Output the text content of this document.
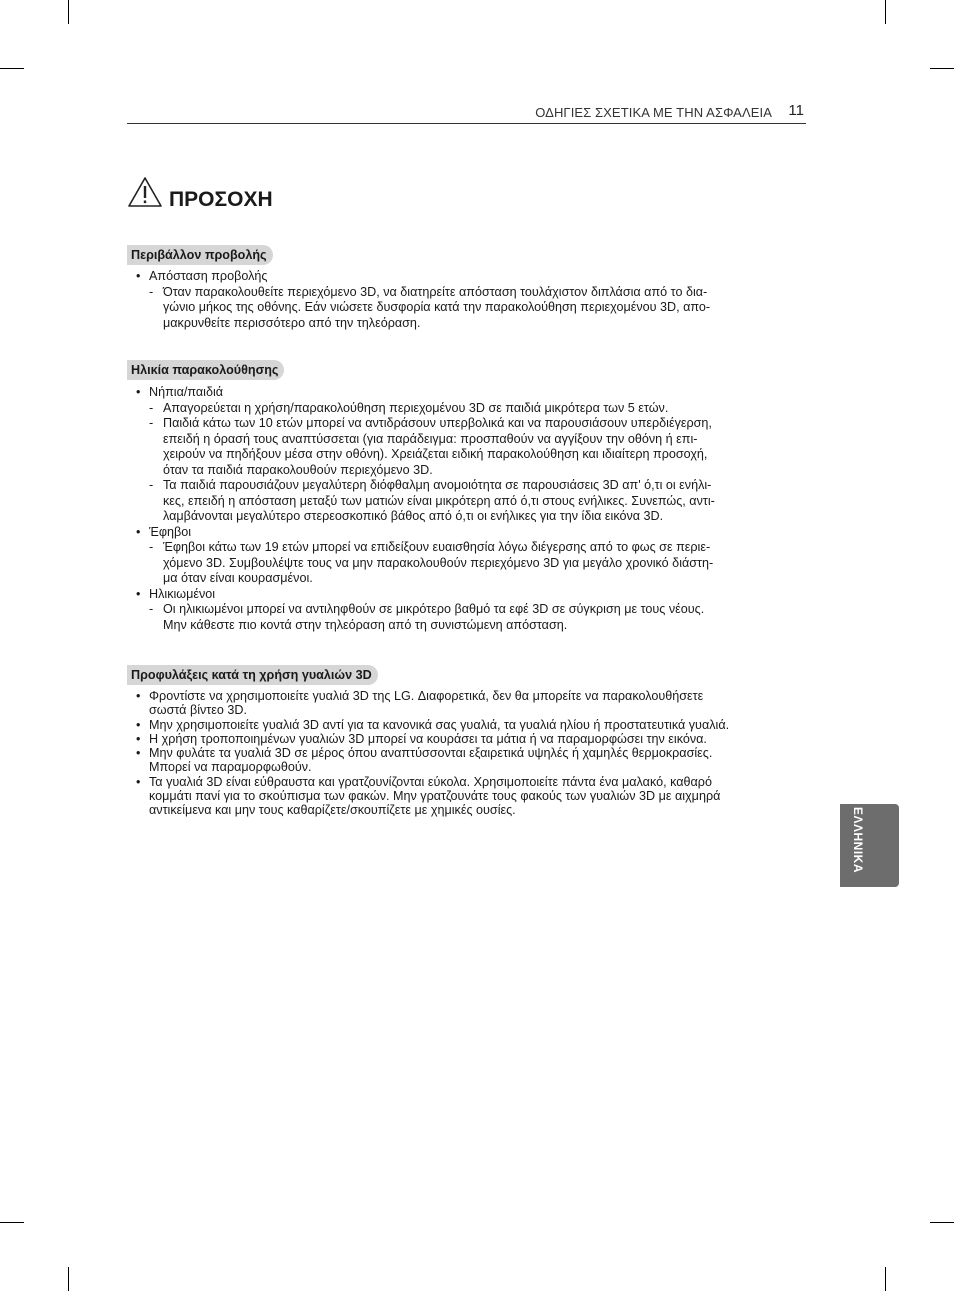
ΟΔΗΓΙΕΣ ΣΧΕΤΙΚΑ ΜΕ ΤΗΝ ΑΣΦΑΛΕΙΑ 11
ΠΡΟΣΟΧΗ
Περιβάλλον προβολής
• Απόσταση προβολής
- Όταν παρακολουθείτε περιεχόμενο 3D, να διατηρείτε απόσταση τουλάχιστον διπλάσια από το δια-
γώνιο μήκος της οθόνης. Εάν νιώσετε δυσφορία κατά την παρακολούθηση περιεχομένου 3D, απο-
μακρυνθείτε περισσότερο από την τηλεόραση.
Ηλικία παρακολούθησης
• Νήπια/παιδιά
- Απαγορεύεται η χρήση/παρακολούθηση περιεχομένου 3D σε παιδιά μικρότερα των 5 ετών.
- Παιδιά κάτω των 10 ετών μπορεί να αντιδράσουν υπερβολικά και να παρουσιάσουν υπερδιέγερση,
επειδή η όρασή τους αναπτύσσεται (για παράδειγμα: προσπαθούν να αγγίξουν την οθόνη ή επι-
χειρούν να πηδήξουν μέσα στην οθόνη). Χρειάζεται ειδική παρακολούθηση και ιδιαίτερη προσοχή,
όταν τα παιδιά παρακολουθούν περιεχόμενο 3D.
- Τα παιδιά παρουσιάζουν μεγαλύτερη διόφθαλμη ανομοιότητα σε παρουσιάσεις 3D απ' ό,τι οι ενήλι-
κες, επειδή η απόσταση μεταξύ των ματιών είναι μικρότερη από ό,τι στους ενήλικες. Συνεπώς, αντι-
λαμβάνονται μεγαλύτερο στερεοσκοπικό βάθος από ό,τι οι ενήλικες για την ίδια εικόνα 3D.
• Έφηβοι
- Έφηβοι κάτω των 19 ετών μπορεί να επιδείξουν ευαισθησία λόγω διέγερσης από το φως σε περιε-
χόμενο 3D. Συμβουλέψτε τους να μην παρακολουθούν περιεχόμενο 3D για μεγάλο χρονικό διάστη-
μα όταν είναι κουρασμένοι.
• Ηλικιωμένοι
- Οι ηλικιωμένοι μπορεί να αντιληφθούν σε μικρότερο βαθμό τα εφέ 3D σε σύγκριση με τους νέους.
Μην κάθεστε πιο κοντά στην τηλεόραση από τη συνιστώμενη απόσταση.
Προφυλάξεις κατά τη χρήση γυαλιών 3D
• Φροντίστε να χρησιμοποιείτε γυαλιά 3D της LG. Διαφορετικά, δεν θα μπορείτε να παρακολουθήσετε
σωστά βίντεο 3D.
• Μην χρησιμοποιείτε γυαλιά 3D αντί για τα κανονικά σας γυαλιά, τα γυαλιά ηλίου ή προστατευτικά γυαλιά.
• Η χρήση τροποποιημένων γυαλιών 3D μπορεί να κουράσει τα μάτια ή να παραμορφώσει την εικόνα.
• Μην φυλάτε τα γυαλιά 3D σε μέρος όπου αναπτύσσονται εξαιρετικά υψηλές ή χαμηλές θερμοκρασίες.
Μπορεί να παραμορφωθούν.
• Τα γυαλιά 3D είναι εύθραυστα και γρατζουνίζονται εύκολα. Χρησιμοποιείτε πάντα ένα μαλακό, καθαρό
κομμάτι πανί για το σκούπισμα των φακών. Μην γρατζουνάτε τους φακούς των γυαλιών 3D με αιχμηρά
αντικείμενα και μην τους καθαρίζετε/σκουπίζετε με χημικές ουσίες.	ΕΛΛΗΝΙΚΑ
